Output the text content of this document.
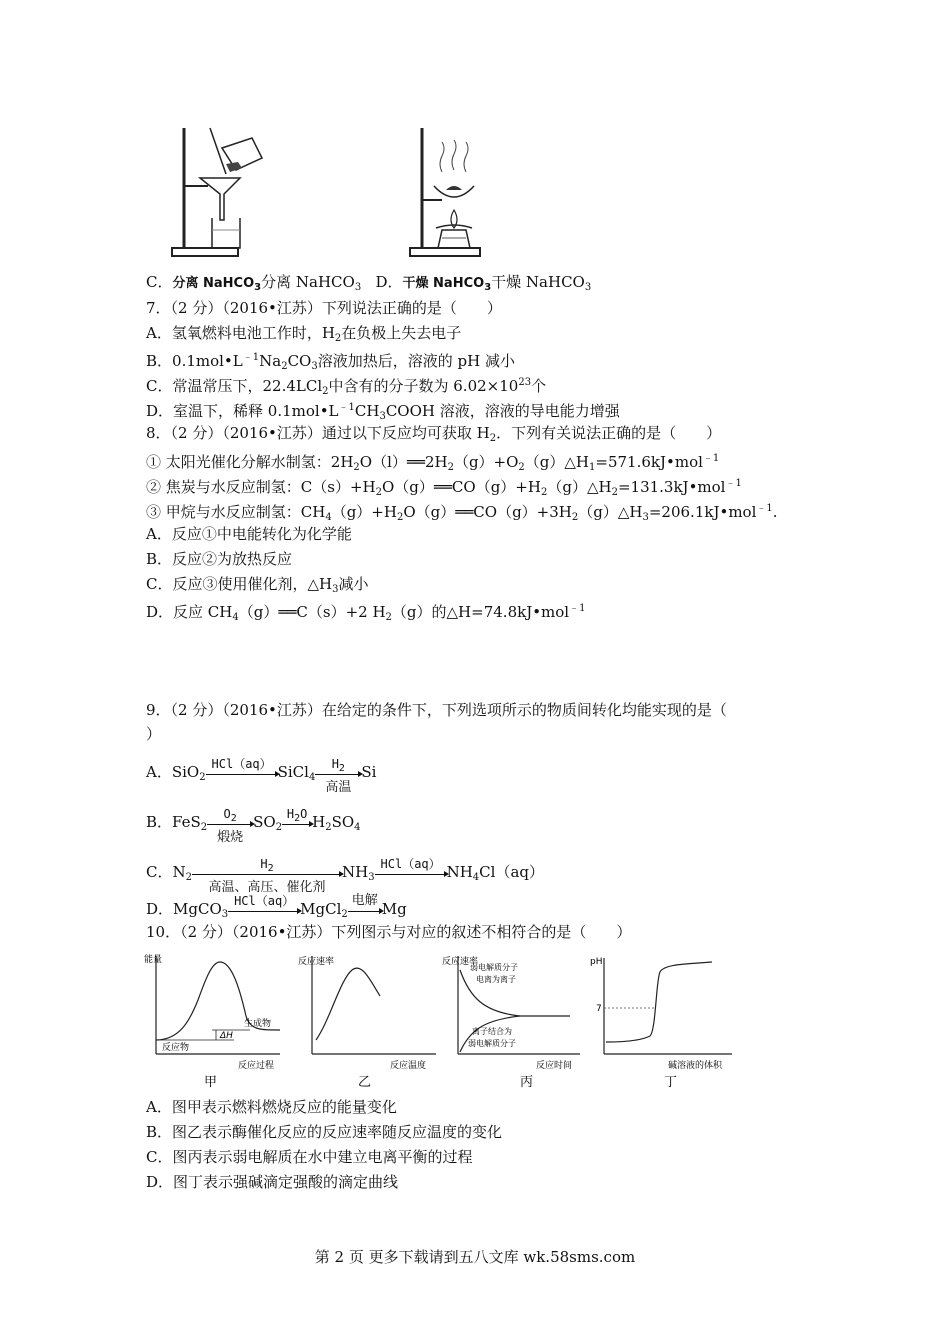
C．分离 NaHCO$_3$分离 NaHCO$_3$ D．干燥 NaHCO$_3$干燥 NaHCO$_3$
7．（2 分）（2016•江苏）下列说法正确的是（　　）
A．氢氧燃料电池工作时，$H_2$在负极上失去电子
B．$0.1mol•L^{﹣1}Na_2CO_3$溶液加热后，溶液的 pH 减小
C．常温常压下，22.4LCl$_2$中含有的分子数为 $6.02\times 10^{23}$个
D．室温下，稀释 $0.1mol•L^{﹣1}CH_3COOH$ 溶液，溶液的导电能力增强
8．（2 分）（2016•江苏）通过以下反应均可获取 $H_2$．下列有关说法正确的是（　　）
① 太阳光催化分解水制氢：$2H_2O(l)══2H_2(g)+O_2(g)\triangle H_1=571.6kJ•mol^{﹣1}$
② 焦炭与水反应制氢：$C(s)+H_2O(g)══CO(g)+H_2(g)\triangle H_2=131.3kJ•mol^{﹣1}$
③ 甲烷与水反应制氢：$CH_4(g)+H_2O(g)══CO(g)+3H_2(g)\triangle H_3=206.1kJ•mol^{﹣1}$.
A．反应①中电能转化为化学能
B．反应②为放热反应
C．反应③使用催化剂，$\triangle H_3$减小
D．反应 $CH_4(g)══C(s)+2$ $H_2(g)$的△H=74.8kJ•mol$^{﹣1}$
9．（2 分）（2016•江苏）在给定的条件下，下列选项所示的物质间转化均能实现的是（
）
A．SiO$_2$
HCl（aq） SiCl$_4$
$H_2$
高温
Si
B．FeS$_2$
$O_2$
煅烧
$SO_2$
$H_2O$ $H_2SO_4$
C．$N_2$
$H_2$
高温、高压、催化剂
$NH_3$
HCl（aq） $NH_4Cl(aq)$
D．MgCO$_3$
HCl（aq） MgCl$_2$
电解 Mg
10．（2 分）（2016•江苏）下列图示与对应的叙述不相符合的是（　　）
能量
生成物
反应物
ΔH
反应过程
甲
反应速率
反应温度
乙
反应速率
弱电解质分子
电离为离子
离子结合为
弱电解质分子
反应时间
丙
pH
7
碱溶液的体积
丁
A．图甲表示燃料燃烧反应的能量变化
B．图乙表示酶催化反应的反应速率随反应温度的变化
C．图丙表示弱电解质在水中建立电离平衡的过程
D．图丁表示强碱滴定强酸的滴定曲线
第 2 页 更多下载请到五八文库 wk.58sms.com
